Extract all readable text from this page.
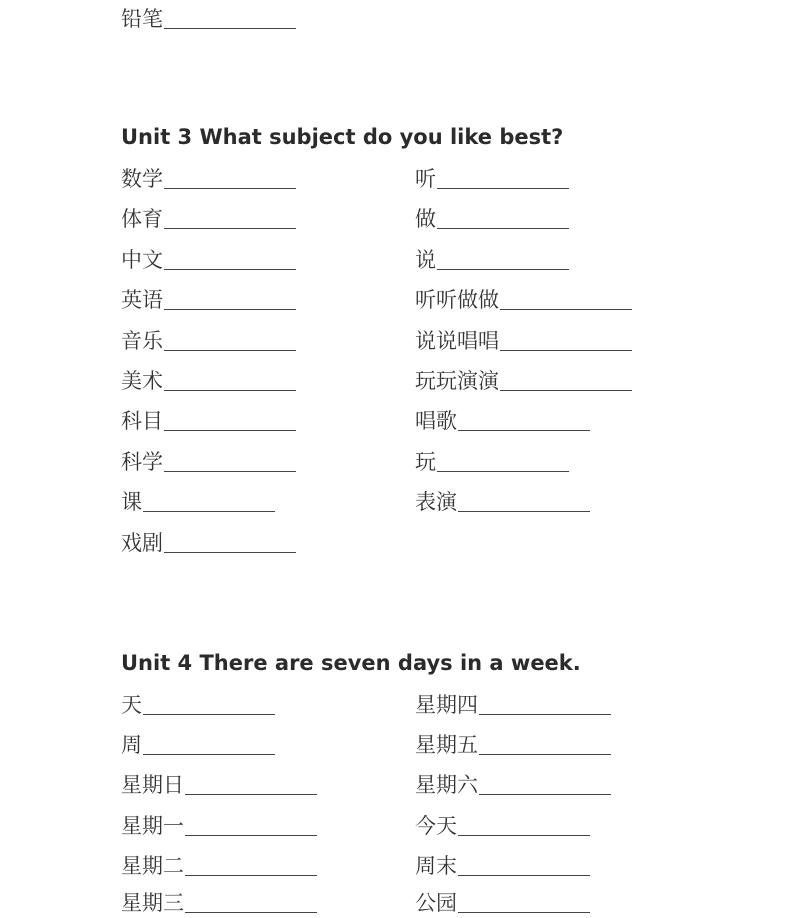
铅笔
Unit 3 What subject do you like best?
数学
体育
中文
英语
音乐
美术
科目
科学
课
戏剧
听
做
说
听听做做
说说唱唱
玩玩演演
唱歌
玩
表演
Unit 4 There are seven days in a week.
天
周
星期日
星期一
星期二
星期三
星期四
星期五
星期六
今天
周末
公园
